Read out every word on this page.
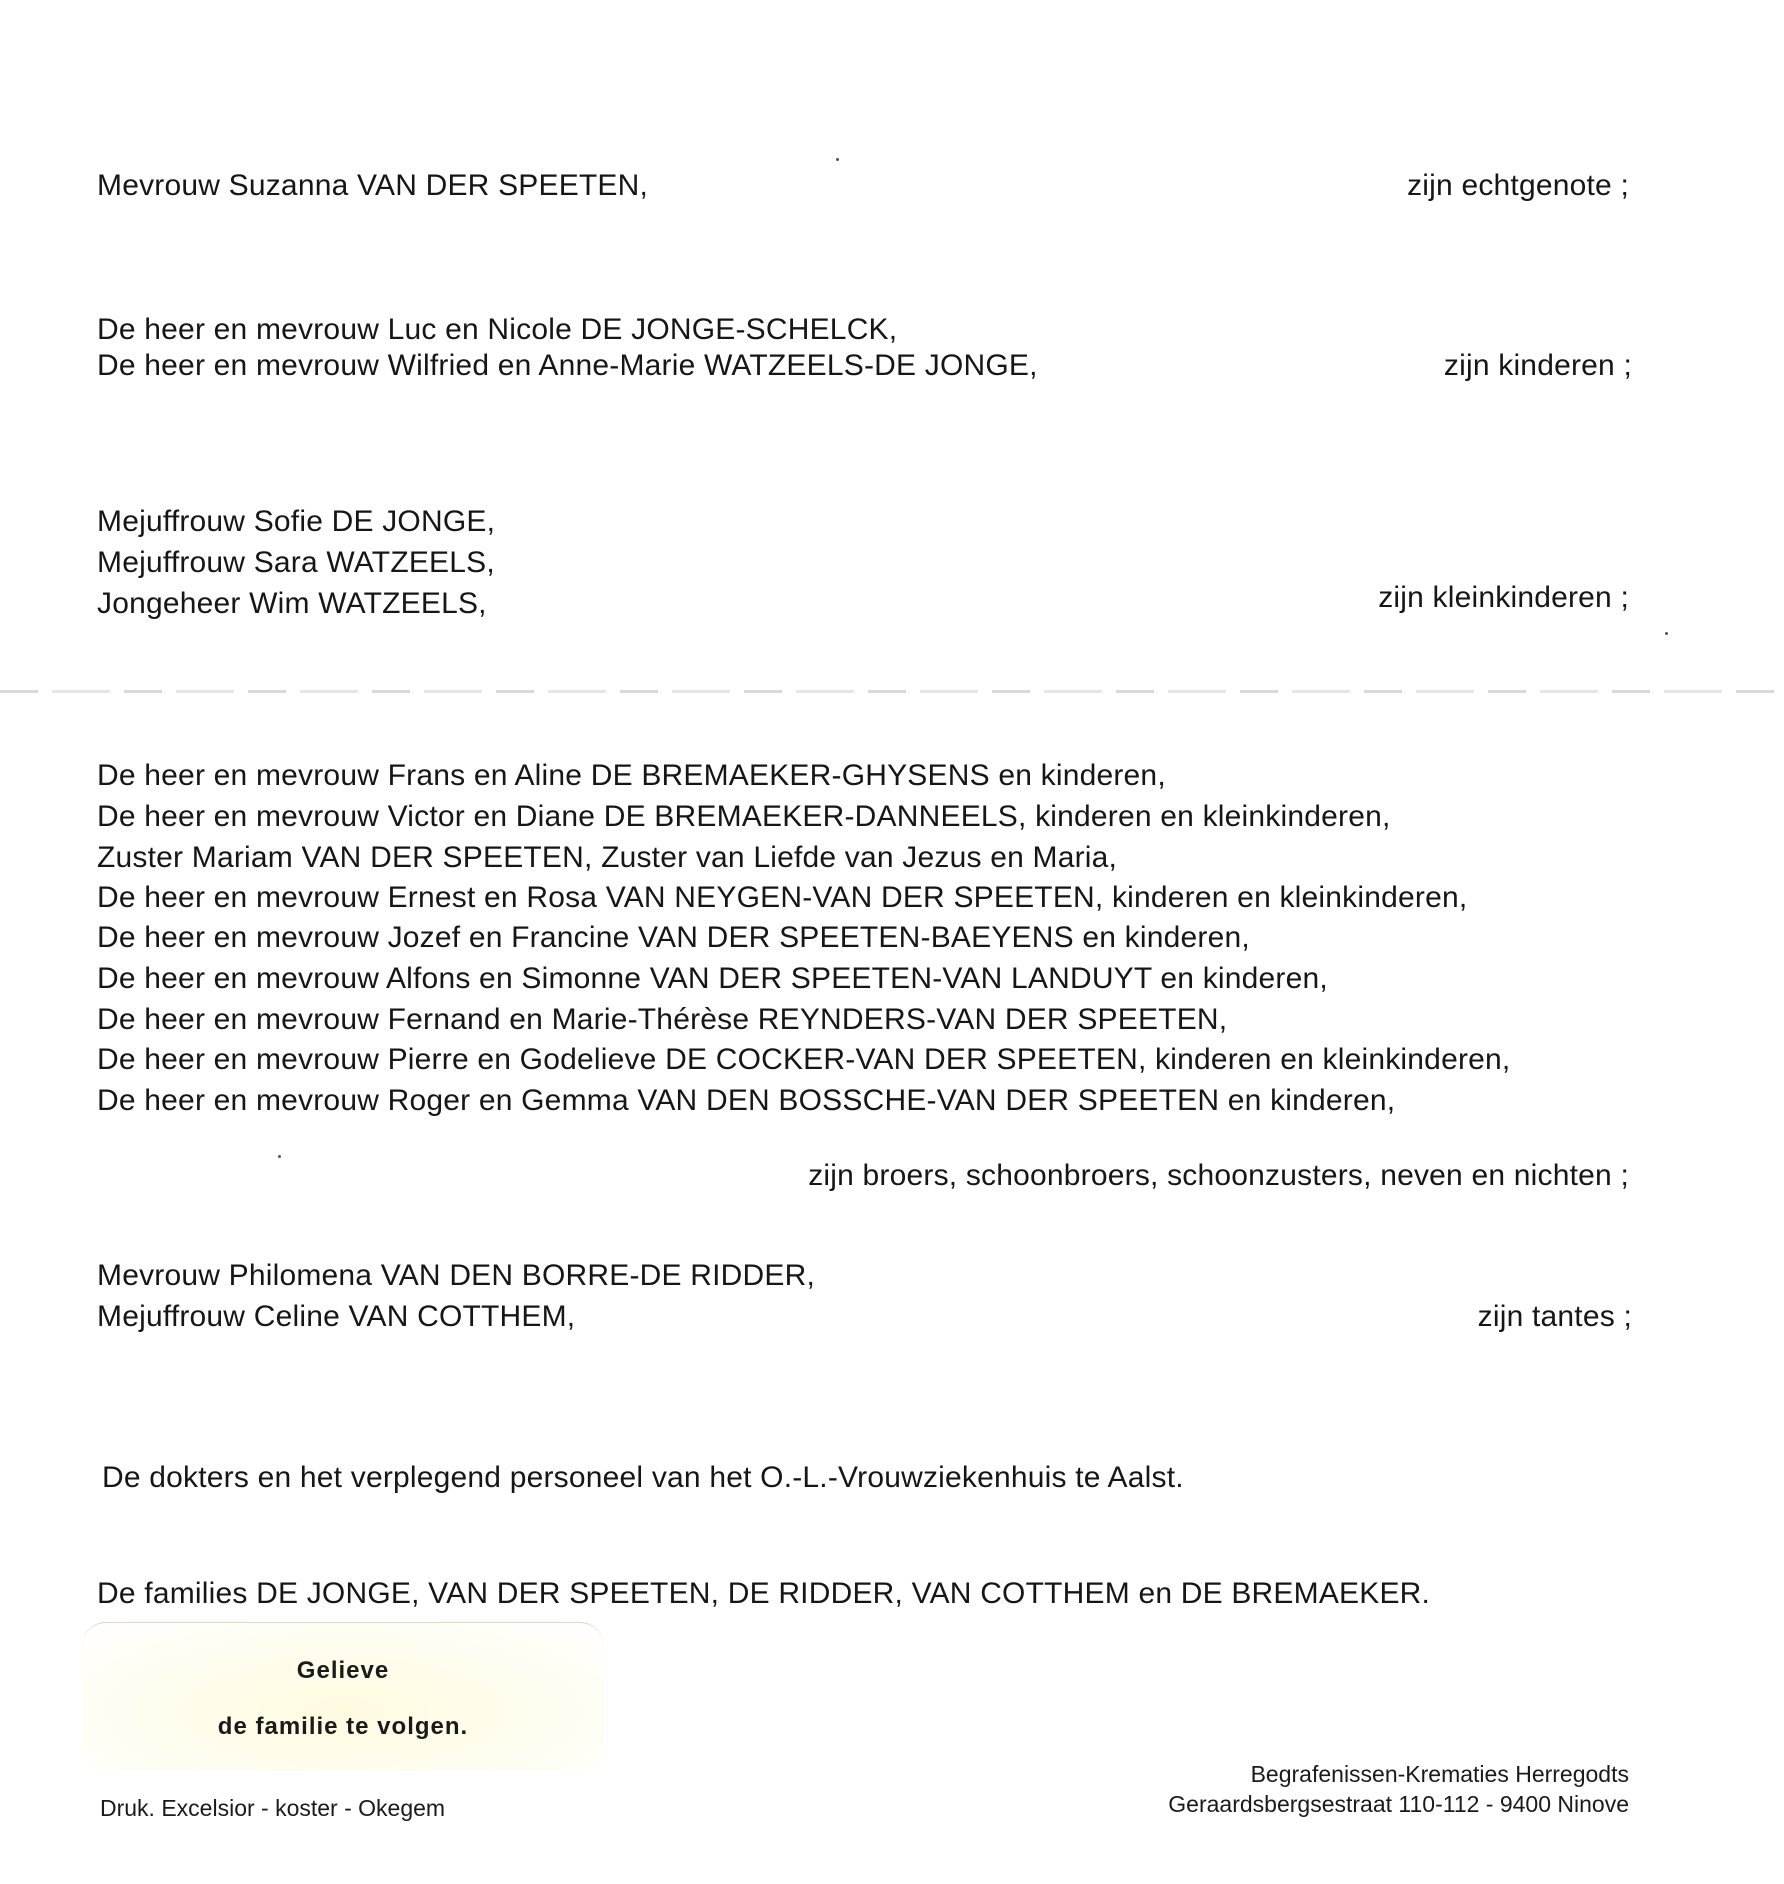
Mevrouw Suzanna VAN DER SPEETEN,	zijn echtgenote ;
De heer en mevrouw Luc en Nicole DE JONGE-SCHELCK,
De heer en mevrouw Wilfried en Anne-Marie WATZEELS-DE JONGE,	zijn kinderen ;
Mejuffrouw Sofie DE JONGE,
Mejuffrouw Sara WATZEELS,
Jongeheer Wim WATZEELS,	zijn kleinkinderen ;
De heer en mevrouw Frans en Aline DE BREMAEKER-GHYSENS en kinderen,
De heer en mevrouw Victor en Diane DE BREMAEKER-DANNEELS, kinderen en kleinkinderen,
Zuster Mariam VAN DER SPEETEN, Zuster van Liefde van Jezus en Maria,
De heer en mevrouw Ernest en Rosa VAN NEYGEN-VAN DER SPEETEN, kinderen en kleinkinderen,
De heer en mevrouw Jozef en Francine VAN DER SPEETEN-BAEYENS en kinderen,
De heer en mevrouw Alfons en Simonne VAN DER SPEETEN-VAN LANDUYT en kinderen,
De heer en mevrouw Fernand en Marie-Thérèse REYNDERS-VAN DER SPEETEN,
De heer en mevrouw Pierre en Godelieve DE COCKER-VAN DER SPEETEN, kinderen en kleinkinderen,
De heer en mevrouw Roger en Gemma VAN DEN BOSSCHE-VAN DER SPEETEN en kinderen,
zijn broers, schoonbroers, schoonzusters, neven en nichten ;
Mevrouw Philomena VAN DEN BORRE-DE RIDDER,
Mejuffrouw Celine VAN COTTHEM,	zijn tantes ;
De dokters en het verplegend personeel van het O.-L.-Vrouwziekenhuis te Aalst.
De families DE JONGE, VAN DER SPEETEN, DE RIDDER, VAN COTTHEM en DE BREMAEKER.
Gelieve
de familie te volgen.
Druk. Excelsior - koster - Okegem
Begrafenissen-Krematies Herregodts
Geraardsbergsestraat 110-112 - 9400 Ninove
